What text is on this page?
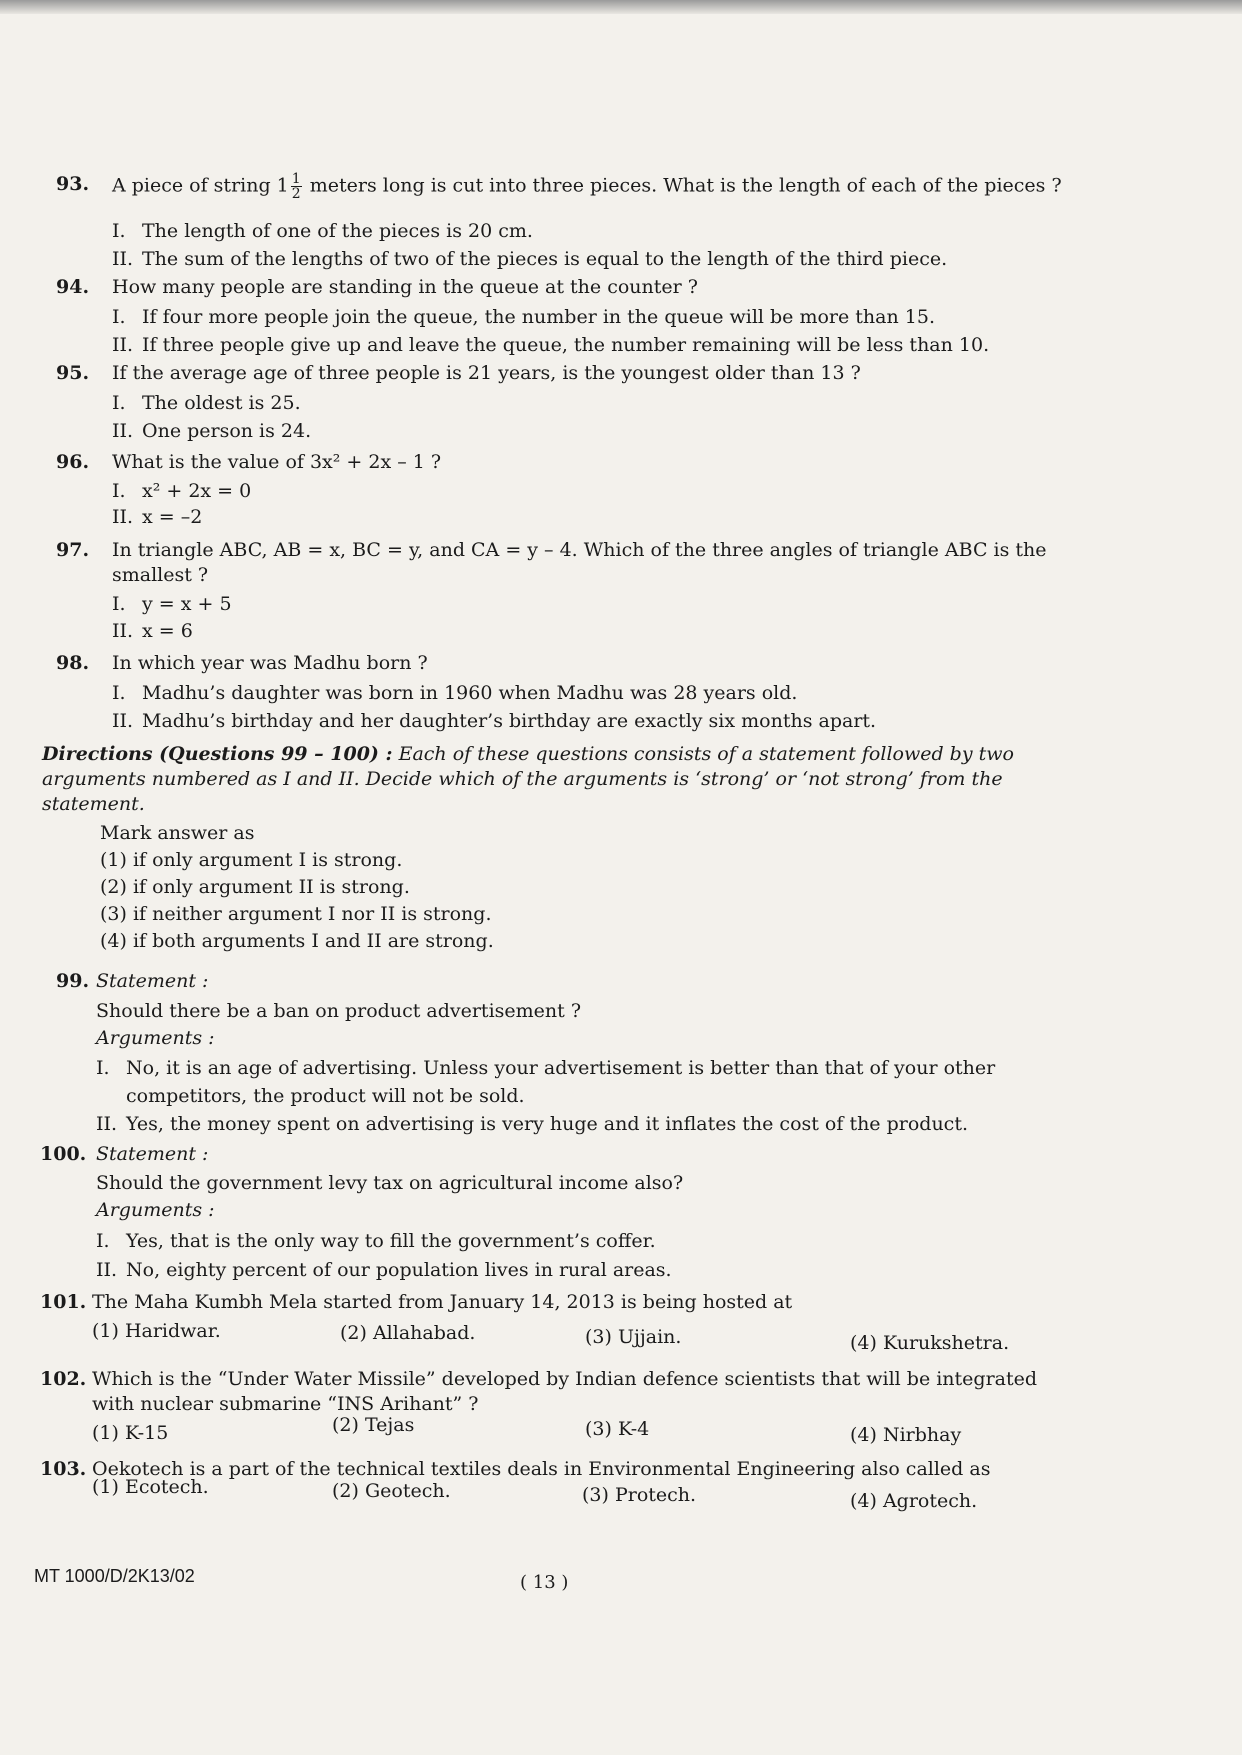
93. A piece of string $1 \frac{1}{2}$ meters long is cut into three pieces. What is the length of each of the pieces ?
I. The length of one of the pieces is 20 cm.
II. The sum of the lengths of two of the pieces is equal to the length of the third piece.
94. How many people are standing in the queue at the counter ?
I. If four more people join the queue, the number in the queue will be more than 15.
II. If three people give up and leave the queue, the number remaining will be less than 10.
95. If the average age of three people is 21 years, is the youngest older than 13 ?
I. The oldest is 25.
II. One person is 24.
96. What is the value of 3x² + 2x – 1 ?
I. x² + 2x = 0
II. x = –2
97. In triangle ABC, AB = x, BC = y, and CA = y – 4. Which of the three angles of triangle ABC is the
smallest ?
I. y = x + 5
II. x = 6
98. In which year was Madhu born ?
I. Madhu’s daughter was born in 1960 when Madhu was 28 years old.
II. Madhu’s birthday and her daughter’s birthday are exactly six months apart.
Directions (Questions 99 – 100) : Each of these questions consists of a statement followed by two arguments numbered as I and II. Decide which of the arguments is ‘strong’ or ‘not strong’ from the statement.
Mark answer as
(1) if only argument I is strong.
(2) if only argument II is strong.
(3) if neither argument I nor II is strong.
(4) if both arguments I and II are strong.
99. Statement :
Should there be a ban on product advertisement ?
Arguments :
I. No, it is an age of advertising. Unless your advertisement is better than that of your other
competitors, the product will not be sold.
II. Yes, the money spent on advertising is very huge and it inflates the cost of the product.
100. Statement :
Should the government levy tax on agricultural income also?
Arguments :
I. Yes, that is the only way to fill the government’s coffer.
II. No, eighty percent of our population lives in rural areas.
101. The Maha Kumbh Mela started from January 14, 2013 is being hosted at
(1) Haridwar.	(2) Allahabad.	(3) Ujjain.	(4) Kurukshetra.
102. Which is the “Under Water Missile” developed by Indian defence scientists that will be integrated
with nuclear submarine “INS Arihant” ?
(1) K-15	(2) Tejas	(3) K-4	(4) Nirbhay
103. Oekotech is a part of the technical textiles deals in Environmental Engineering also called as
(1) Ecotech.	(2) Geotech.	(3) Protech.	(4) Agrotech.
MT 1000/D/2K13/02	( 13 )
